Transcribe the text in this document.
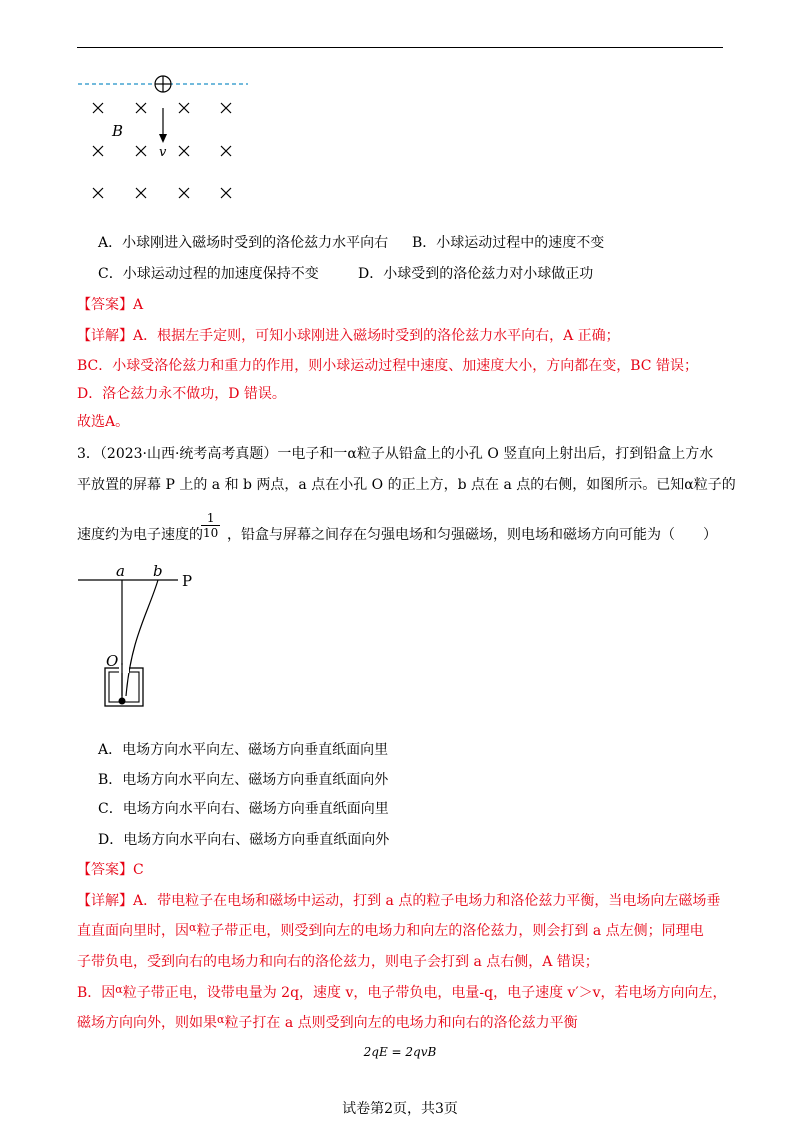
B
v
A．小球刚进入磁场时受到的洛伦兹力水平向右 B．小球运动过程中的速度不变
C．小球运动过程的加速度保持不变	D．小球受到的洛伦兹力对小球做正功
【答案】A
【详解】A．根据左手定则，可知小球刚进入磁场时受到的洛伦兹力水平向右，A 正确；
BC．小球受洛伦兹力和重力的作用，则小球运动过程中速度、加速度大小，方向都在变，BC 错误；
D．洛仑兹力永不做功，D 错误。
故选A。
3．（2023·山西·统考高考真题）一电子和一α粒子从铅盒上的小孔 O 竖直向上射出后，打到铅盒上方水
平放置的屏幕 P 上的 a 和 b 两点，a 点在小孔 O 的正上方，b 点在 a 点的右侧，如图所示。已知α粒子的
速度约为电子速度的
$\frac{1}{10}$ ，铅盒与屏幕之间存在匀强电场和匀强磁场，则电场和磁场方向可能为（　　）
a b
P
O
A．电场方向水平向左、磁场方向垂直纸面向里
B．电场方向水平向左、磁场方向垂直纸面向外
C．电场方向水平向右、磁场方向垂直纸面向里
D．电场方向水平向右、磁场方向垂直纸面向外
【答案】C
【详解】A．带电粒子在电场和磁场中运动，打到 a 点的粒子电场力和洛伦兹力平衡，当电场向左磁场垂
直直面向里时，因$^\alpha$粒子带正电，则受到向左的电场力和向左的洛伦兹力，则会打到 a 点左侧；同理电
子带负电，受到向右的电场力和向右的洛伦兹力，则电子会打到 a 点右侧，A 错误；
B．因$^\alpha$粒子带正电，设带电量为 2q，速度 v，电子带负电，电量-q，电子速度 v′＞v，若电场方向向左，
磁场方向向外，则如果$^\alpha$粒子打在 a 点则受到向左的电场力和向右的洛伦兹力平衡
2qE = 2qvB
试卷第2页，共3页
